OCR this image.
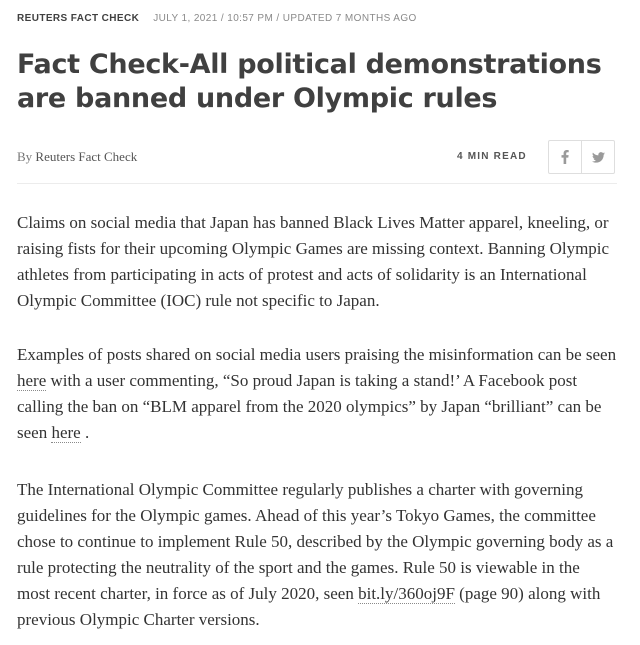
REUTERS FACT CHECK JULY 1, 2021 / 10:57 PM / UPDATED 7 MONTHS AGO
Fact Check-All political demonstrations are banned under Olympic rules
By Reuters Fact Check	4 MIN READ

Claims on social media that Japan has banned Black Lives Matter apparel, kneeling, or raising fists for their upcoming Olympic Games are missing context. Banning Olympic athletes from participating in acts of protest and acts of solidarity is an International Olympic Committee (IOC) rule not specific to Japan.

Examples of posts shared on social media users praising the misinformation can be seen here with a user commenting, “So proud Japan is taking a stand!’ A Facebook post calling the ban on “BLM apparel from the 2020 olympics” by Japan “brilliant” can be seen here .

The International Olympic Committee regularly publishes a charter with governing guidelines for the Olympic games. Ahead of this year’s Tokyo Games, the committee chose to continue to implement Rule 50, described by the Olympic governing body as a rule protecting the neutrality of the sport and the games. Rule 50 is viewable in the most recent charter, in force as of July 2020, seen bit.ly/360oj9F (page 90) along with previous Olympic Charter versions.
